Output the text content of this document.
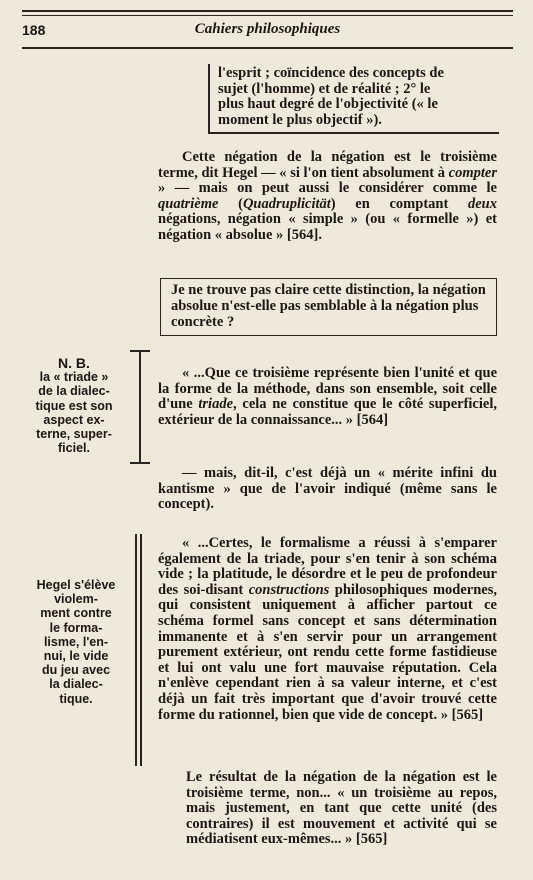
188	Cahiers philosophiques

l'esprit ; coïncidence des concepts de

sujet (l'homme) et de réalité ; 2° le

plus haut degré de l'objectivité (« le

moment le plus objectif »).

Cette négation de la négation est le troisième terme, dit Hegel — « si l'on tient absolument à compter » — mais on peut aussi le considérer comme le quatrième (Quadruplicität) en comptant deux négations, négation « simple » (ou « formelle ») et négation « absolue » [564].

Je ne trouve pas claire cette distinction, la négation absolue n'est-elle pas semblable à la négation plus concrète ?

N. B.
la « triade »
de la dialec-
tique est son
aspect ex-
terne, super-
ficiel.

« ...Que ce troisième représente bien l'unité et que la forme de la méthode, dans son ensemble, soit celle d'une triade, cela ne constitue que le côté superficiel, extérieur de la connaissance... » [564]

— mais, dit-il, c'est déjà un « mérite infini du kantisme » que de l'avoir indiqué (même sans le concept).

Hegel s'élève
violem-
ment contre
le forma-
lisme, l'en-
nui, le vide
du jeu avec
la dialec-
tique.

« ...Certes, le formalisme a réussi à s'emparer également de la triade, pour s'en tenir à son schéma vide ; la platitude, le désordre et le peu de profondeur des soi-disant constructions philosophiques modernes, qui consistent uniquement à afficher partout ce schéma formel sans concept et sans détermination immanente et à s'en servir pour un arrangement purement extérieur, ont rendu cette forme fastidieuse et lui ont valu une fort mauvaise réputation. Cela n'enlève cependant rien à sa valeur interne, et c'est déjà un fait très important que d'avoir trouvé cette forme du rationnel, bien que vide de concept. » [565]

Le résultat de la négation de la négation est le troisième terme, non... « un troisième au repos, mais justement, en tant que cette unité (des contraires) il est mouvement et activité qui se médiatisent eux-mêmes... » [565]
